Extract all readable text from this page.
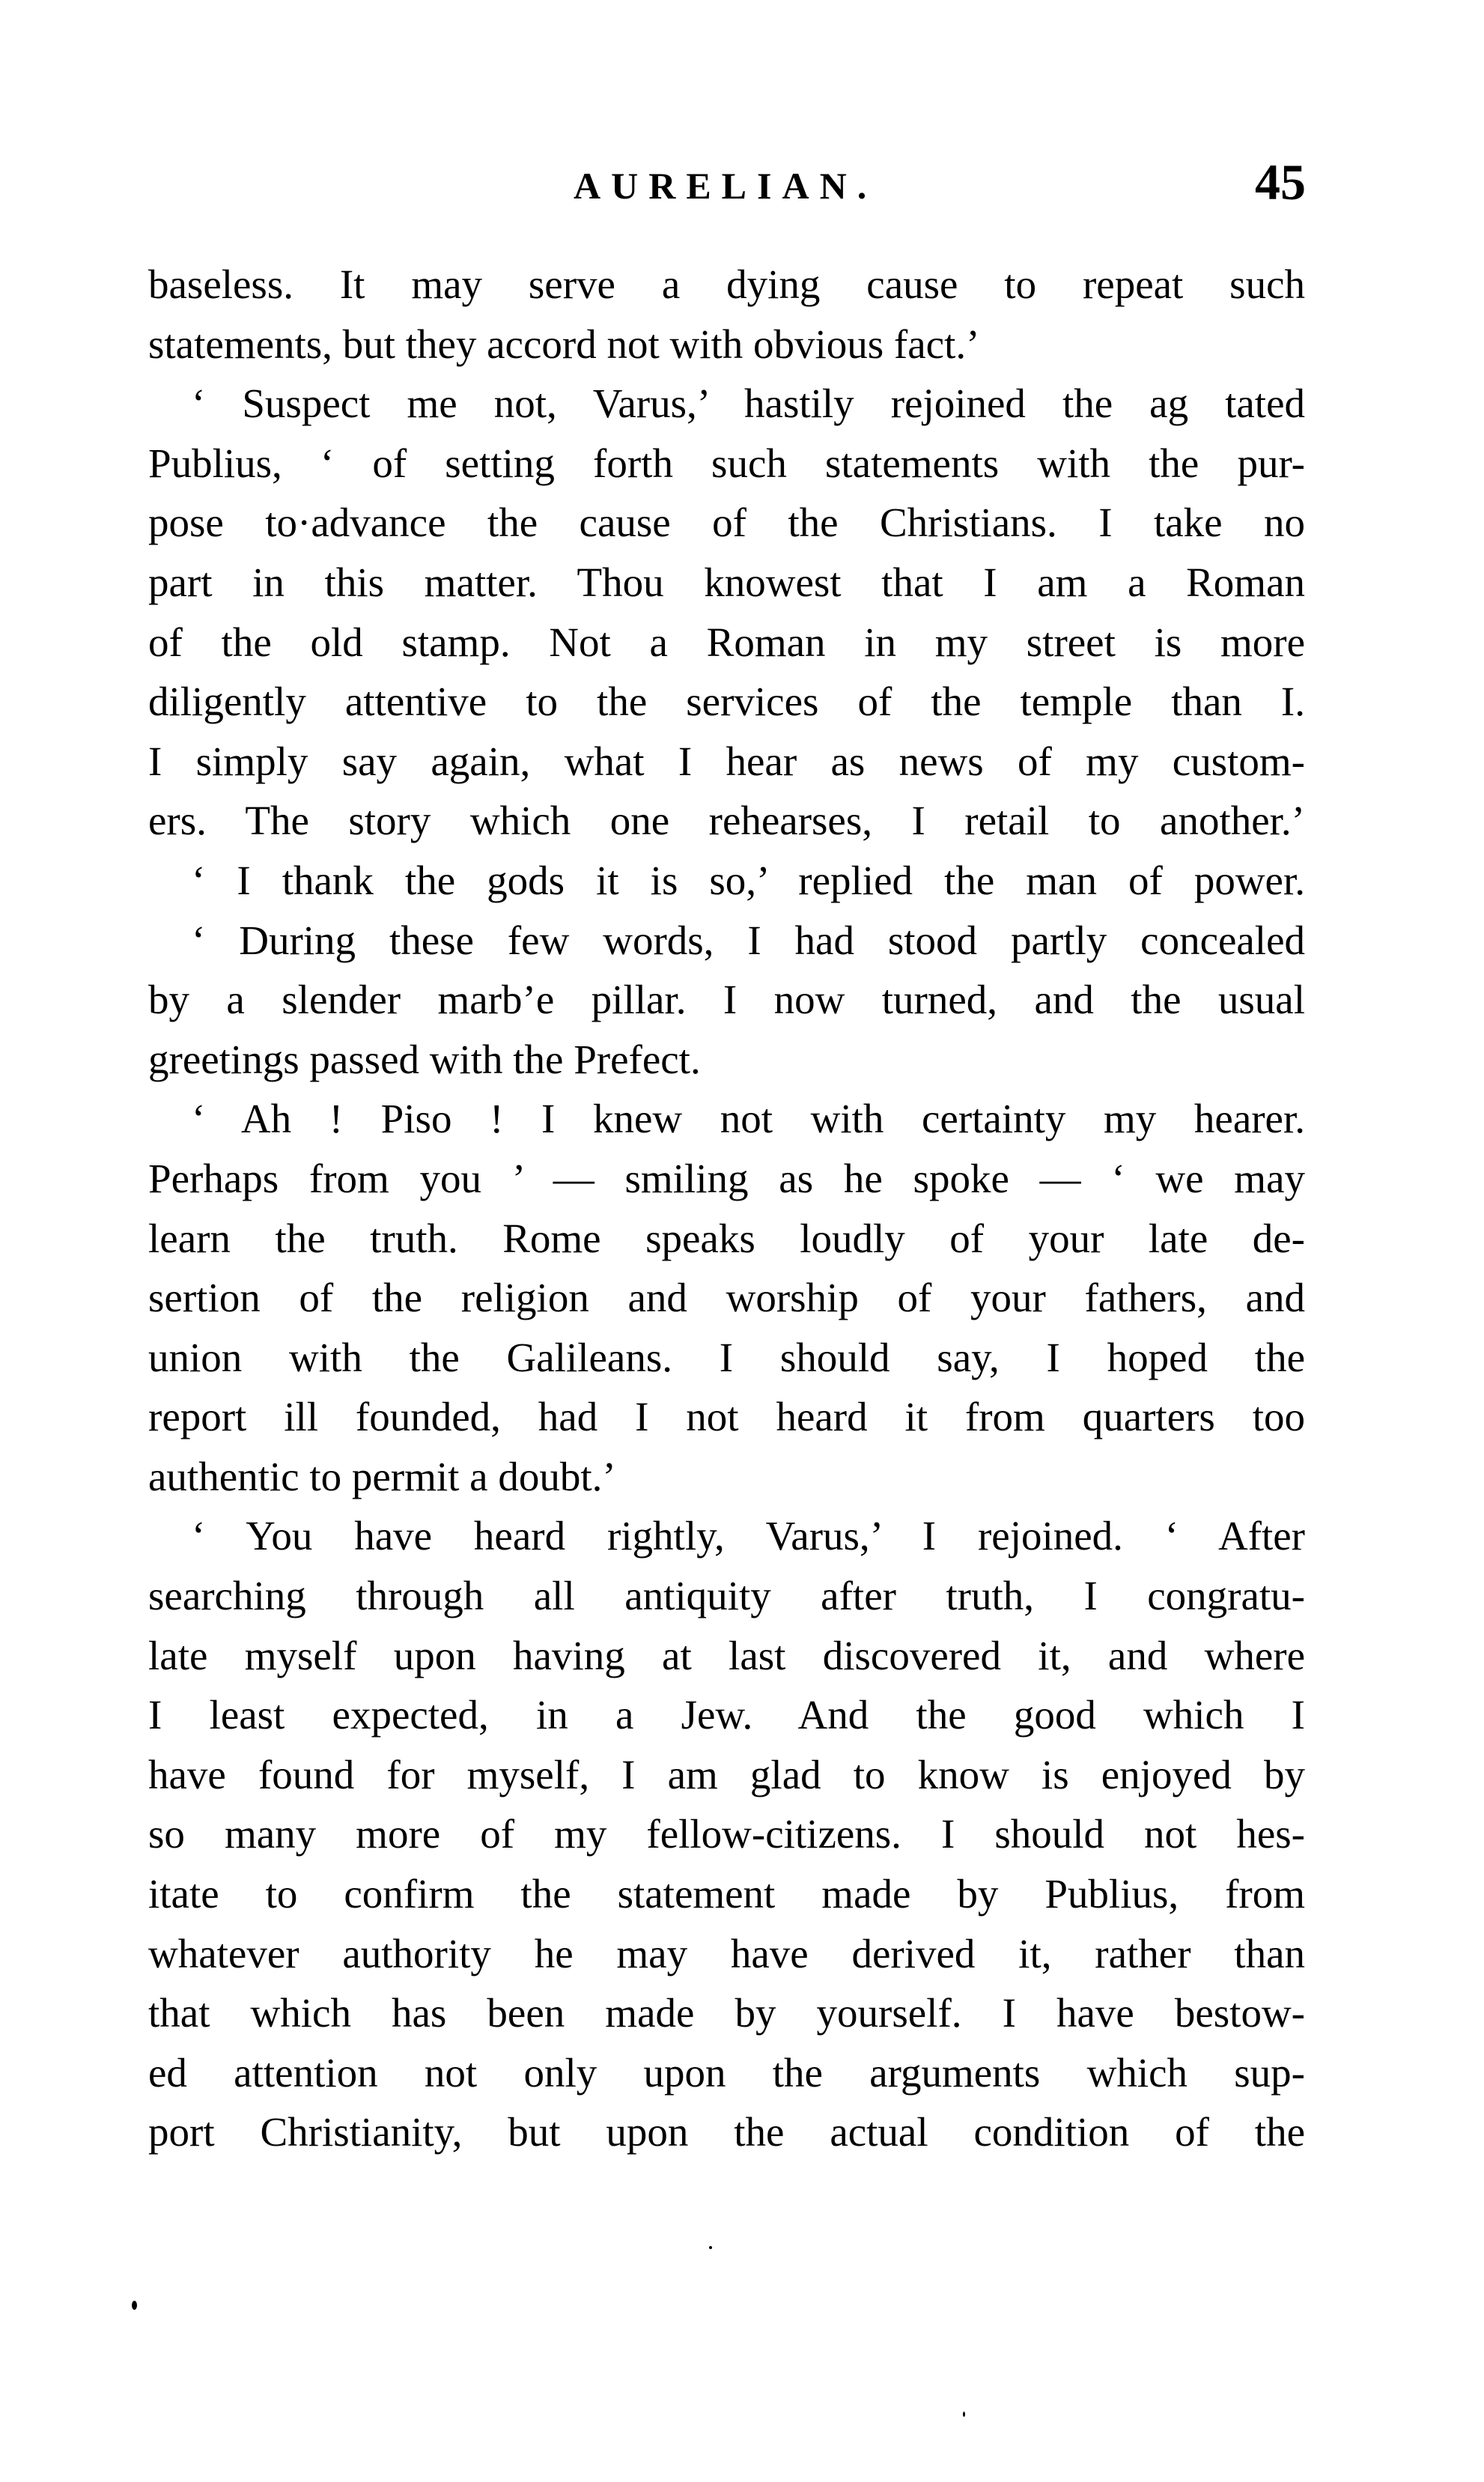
AURELIAN.	45
baseless. It may serve a dying cause to repeat such
statements, but they accord not with obvious fact.’
‘ Suspect me not, Varus,’ hastily rejoined the ag tated
Publius, ‘ of setting forth such statements with the pur-
pose to·advance the cause of the Christians. I take no
part in this matter. Thou knowest that I am a Roman
of the old stamp. Not a Roman in my street is more
diligently attentive to the services of the temple than I.
I simply say again, what I hear as news of my custom-
ers. The story which one rehearses, I retail to another.’
‘ I thank the gods it is so,’ replied the man of power.
‘ During these few words, I had stood partly concealed
by a slender marb’e pillar. I now turned, and the usual
greetings passed with the Prefect.
‘ Ah ! Piso ! I knew not with certainty my hearer.
Perhaps from you ’ — smiling as he spoke — ‘ we may
learn the truth. Rome speaks loudly of your late de-
sertion of the religion and worship of your fathers, and
union with the Galileans. I should say, I hoped the
report ill founded, had I not heard it from quarters too
authentic to permit a doubt.’
‘ You have heard rightly, Varus,’ I rejoined. ‘ After
searching through all antiquity after truth, I congratu-
late myself upon having at last discovered it, and where
I least expected, in a Jew. And the good which I
have found for myself, I am glad to know is enjoyed by
so many more of my fellow-citizens. I should not hes-
itate to confirm the statement made by Publius, from
whatever authority he may have derived it, rather than
that which has been made by yourself. I have bestow-
ed attention not only upon the arguments which sup-
port Christianity, but upon the actual condition of the
